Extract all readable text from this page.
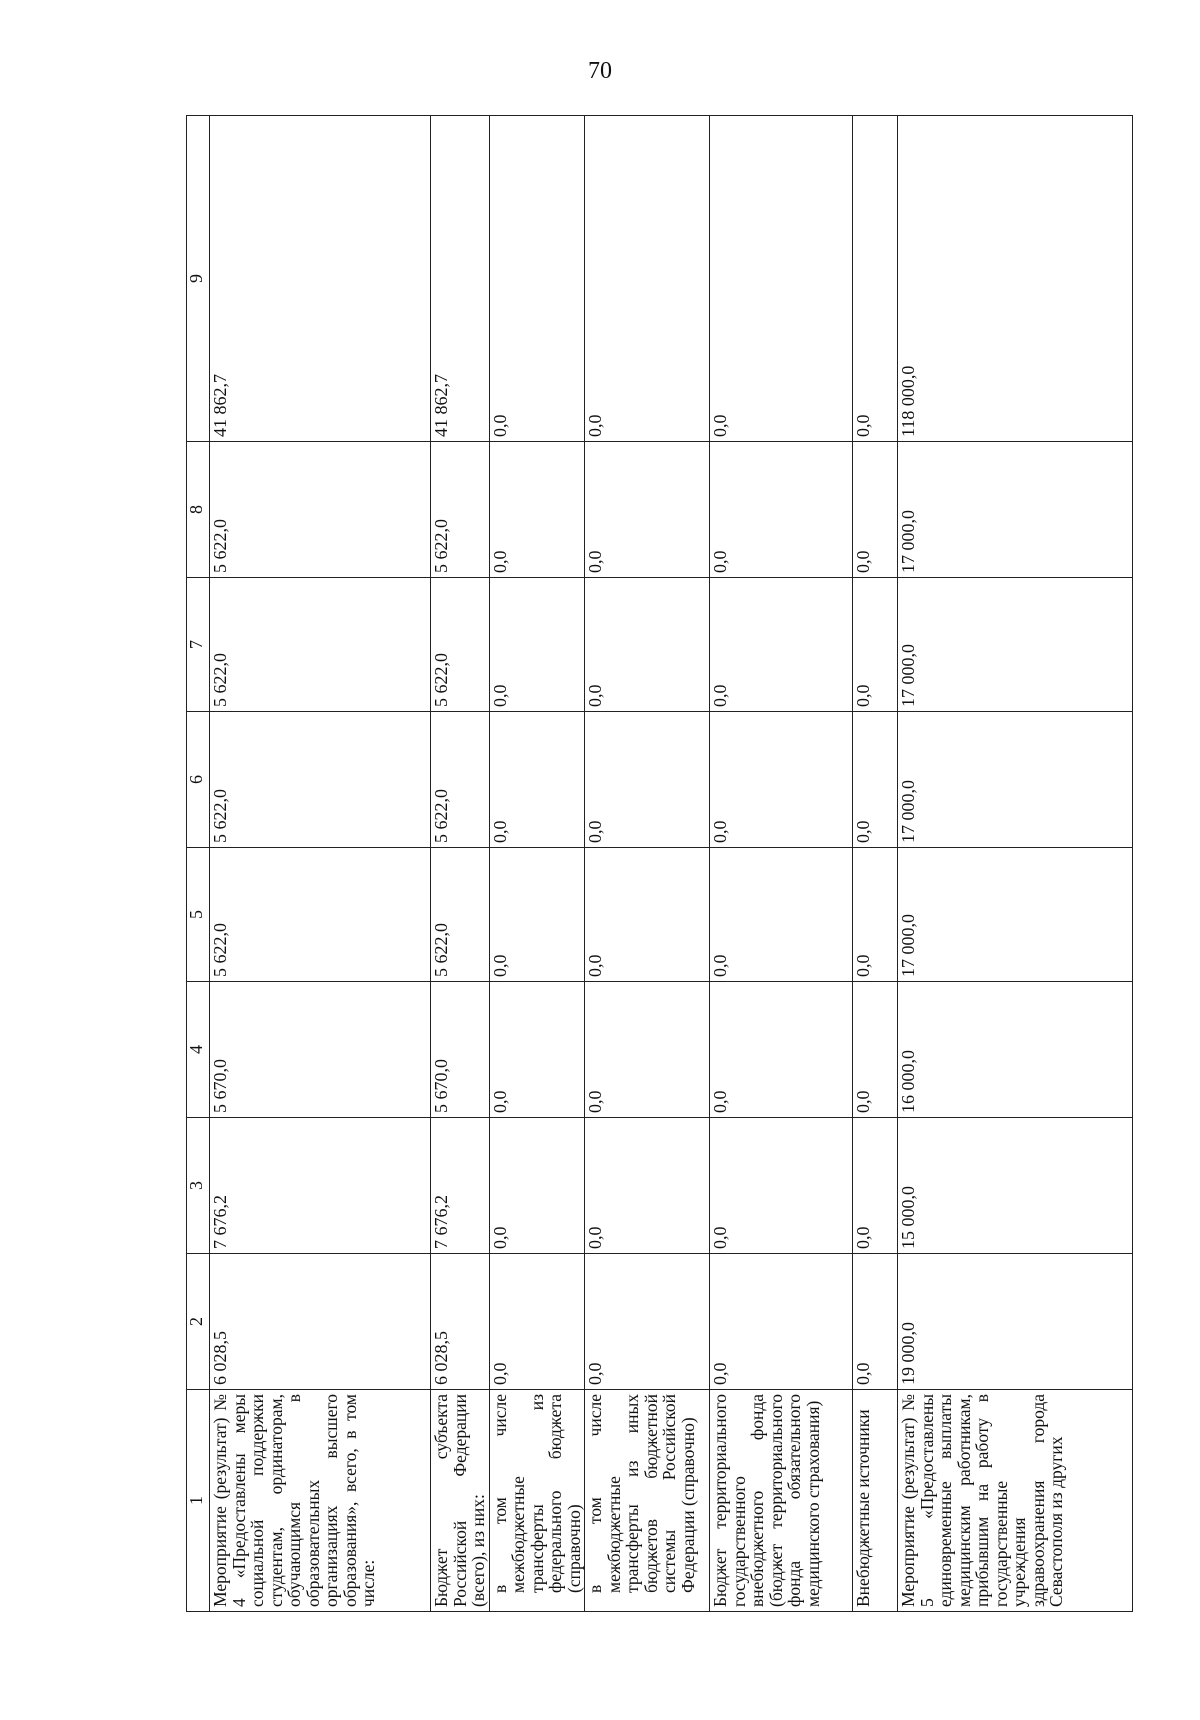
70
1	2	3	4	5	6	7	8	9
Мероприятие (результат) № 4 «Предоставлены меры социальной поддержки студентам, ординаторам, обучающимся в образовательных организациях высшего образования», всего, в том числе:	6 028,5	7 676,2	5 670,0	5 622,0	5 622,0	5 622,0	5 622,0	41 862,7
Бюджет субъекта Российской Федерации (всего), из них:	6 028,5	7 676,2	5 670,0	5 622,0	5 622,0	5 622,0	5 622,0	41 862,7
в том числе межбюджетные трансферты из федерального бюджета (справочно)	0,0	0,0	0,0	0,0	0,0	0,0	0,0	0,0
в том числе межбюджетные трансферты из иных бюджетов бюджетной системы Российской Федерации (справочно)	0,0	0,0	0,0	0,0	0,0	0,0	0,0	0,0
Бюджет территориального государственного внебюджетного фонда (бюджет территориального фонда обязательного медицинского страхования)	0,0	0,0	0,0	0,0	0,0	0,0	0,0	0,0
Внебюджетные источники	0,0	0,0	0,0	0,0	0,0	0,0	0,0	0,0
Мероприятие (результат) № 5 «Предоставлены единовременные выплаты медицинским работникам, прибывшим на работу в государственные учреждения здравоохранения города Севастополя из других	19 000,0	15 000,0	16 000,0	17 000,0	17 000,0	17 000,0	17 000,0	118 000,0
